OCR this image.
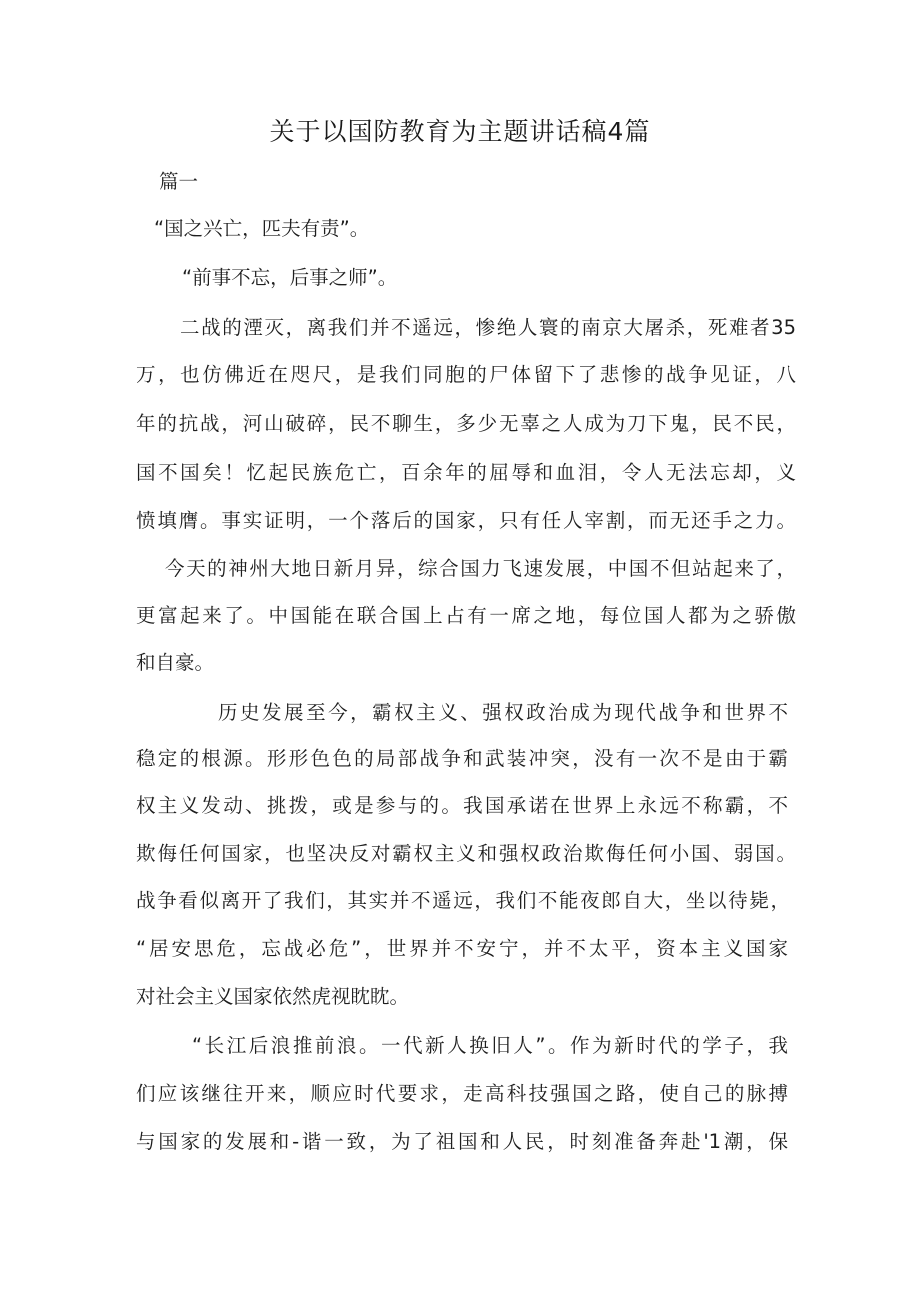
关于以国防教育为主题讲话稿4篇
篇一
“国之兴亡，匹夫有责”。
“前事不忘，后事之师”。
二战的湮灭，离我们并不遥远，惨绝人寰的南京大屠杀，死难者35
万，也仿佛近在咫尺，是我们同胞的尸体留下了悲惨的战争见证，八
年的抗战，河山破碎，民不聊生，多少无辜之人成为刀下鬼，民不民，
国不国矣！忆起民族危亡，百余年的屈辱和血泪，令人无法忘却，义
愤填膺。事实证明，一个落后的国家，只有任人宰割，而无还手之力。
今天的神州大地日新月异，综合国力飞速发展，中国不但站起来了，
更富起来了。中国能在联合国上占有一席之地，每位国人都为之骄傲
和自豪。
历史发展至今，霸权主义、强权政治成为现代战争和世界不
稳定的根源。形形色色的局部战争和武装冲突，没有一次不是由于霸
权主义发动、挑拨，或是参与的。我国承诺在世界上永远不称霸，不
欺侮任何国家，也坚决反对霸权主义和强权政治欺侮任何小国、弱国。
战争看似离开了我们，其实并不遥远，我们不能夜郎自大，坐以待毙，
“居安思危，忘战必危”，世界并不安宁，并不太平，资本主义国家
对社会主义国家依然虎视眈眈。
“长江后浪推前浪。一代新人换旧人”。作为新时代的学子，我
们应该继往开来，顺应时代要求，走高科技强国之路，使自己的脉搏
与国家的发展和-谐一致，为了祖国和人民，时刻准备奔赴'1潮，保
